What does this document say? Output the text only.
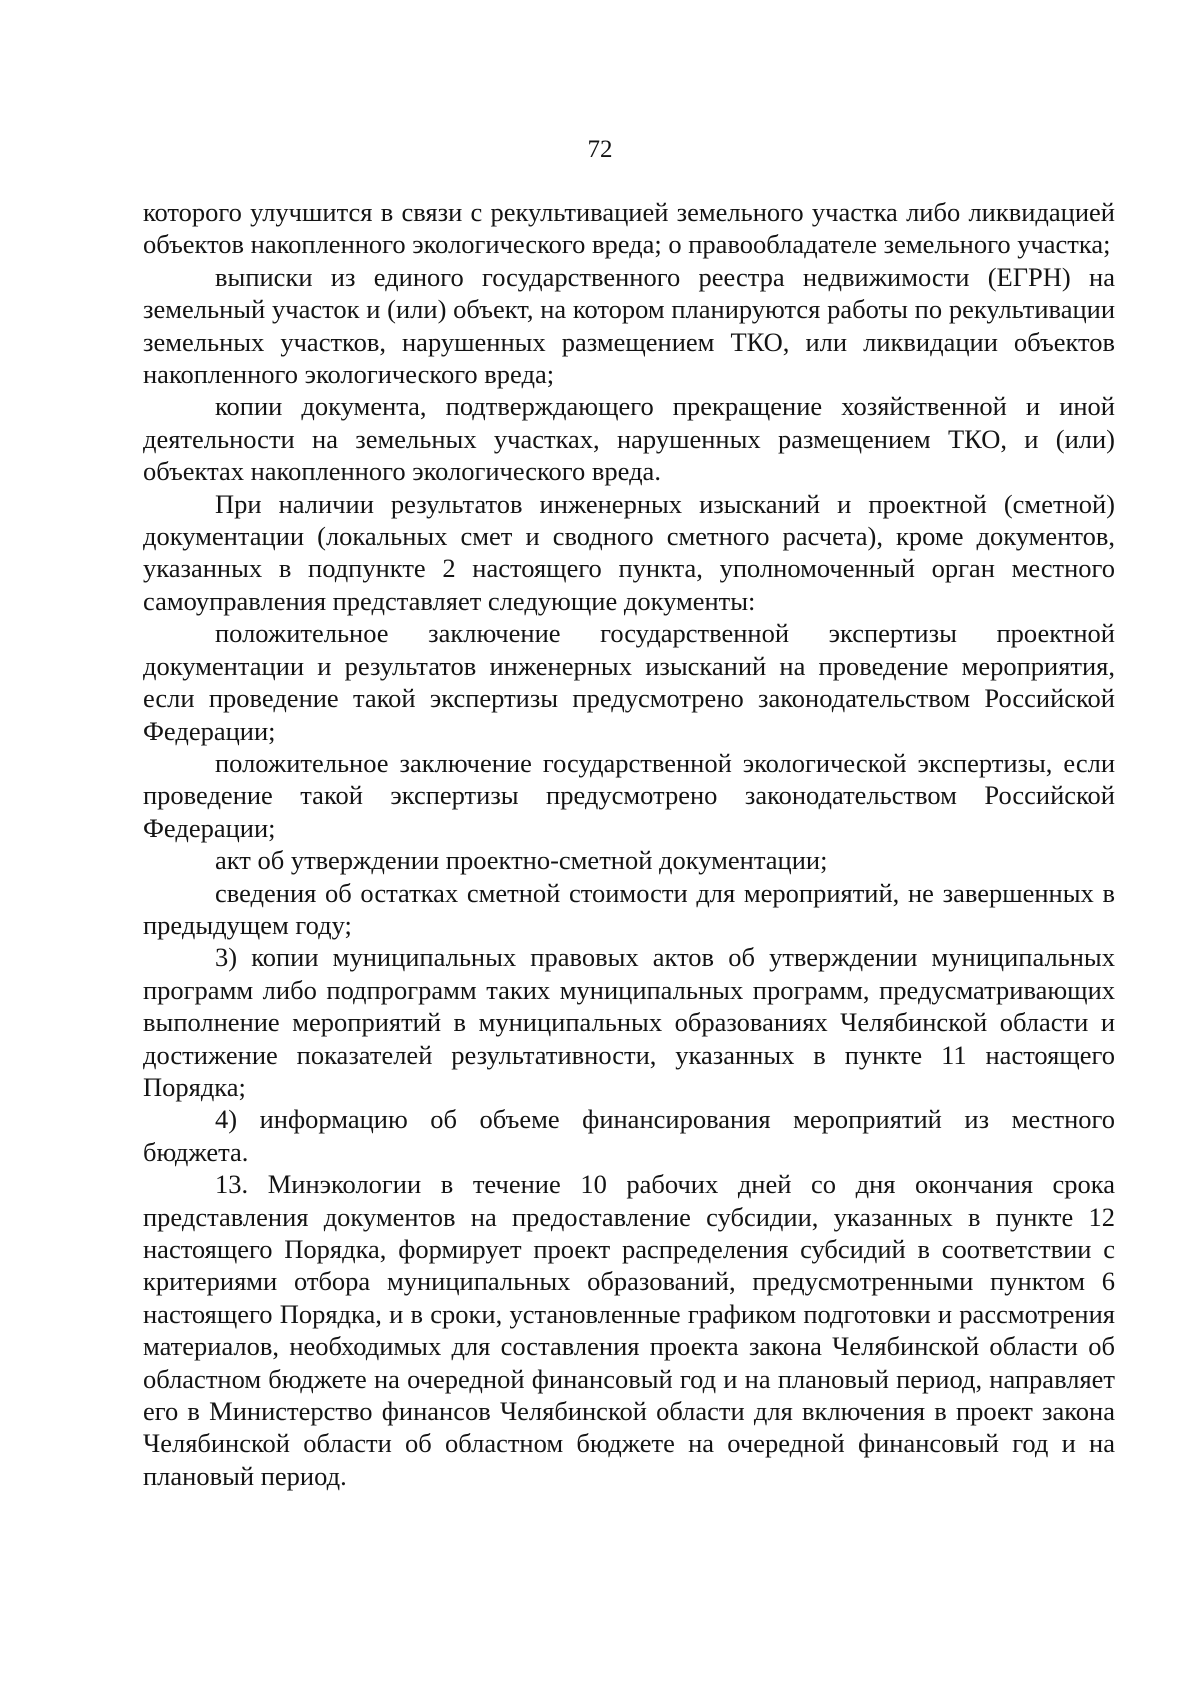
72

которого улучшится в связи с рекультивацией земельного участка либо ликвидацией объектов накопленного экологического вреда; о правообладателе земельного участка;

выписки из единого государственного реестра недвижимости (ЕГРН) на земельный участок и (или) объект, на котором планируются работы по рекультивации земельных участков, нарушенных размещением ТКО, или ликвидации объектов накопленного экологического вреда;

копии документа, подтверждающего прекращение хозяйственной и иной деятельности на земельных участках, нарушенных размещением ТКО, и (или) объектах накопленного экологического вреда.

При наличии результатов инженерных изысканий и проектной (сметной) документации (локальных смет и сводного сметного расчета), кроме документов, указанных в подпункте 2 настоящего пункта, уполномоченный орган местного самоуправления представляет следующие документы:

положительное заключение государственной экспертизы проектной документации и результатов инженерных изысканий на проведение мероприятия, если проведение такой экспертизы предусмотрено законодательством Российской Федерации;

положительное заключение государственной экологической экспертизы, если проведение такой экспертизы предусмотрено законодательством Российской Федерации;

акт об утверждении проектно-сметной документации;

сведения об остатках сметной стоимости для мероприятий, не завершенных в предыдущем году;

3) копии муниципальных правовых актов об утверждении муниципальных программ либо подпрограмм таких муниципальных программ, предусматривающих выполнение мероприятий в муниципальных образованиях Челябинской области и достижение показателей результативности, указанных в пункте 11 настоящего Порядка;

4) информацию об объеме финансирования мероприятий из местного бюджета.

13. Минэкологии в течение 10 рабочих дней со дня окончания срока представления документов на предоставление субсидии, указанных в пункте 12 настоящего Порядка, формирует проект распределения субсидий в соответствии с критериями отбора муниципальных образований, предусмотренными пунктом 6 настоящего Порядка, и в сроки, установленные графиком подготовки и рассмотрения материалов, необходимых для составления проекта закона Челябинской области об областном бюджете на очередной финансовый год и на плановый период, направляет его в Министерство финансов Челябинской области для включения в проект закона Челябинской области об областном бюджете на очередной финансовый год и на плановый период.
